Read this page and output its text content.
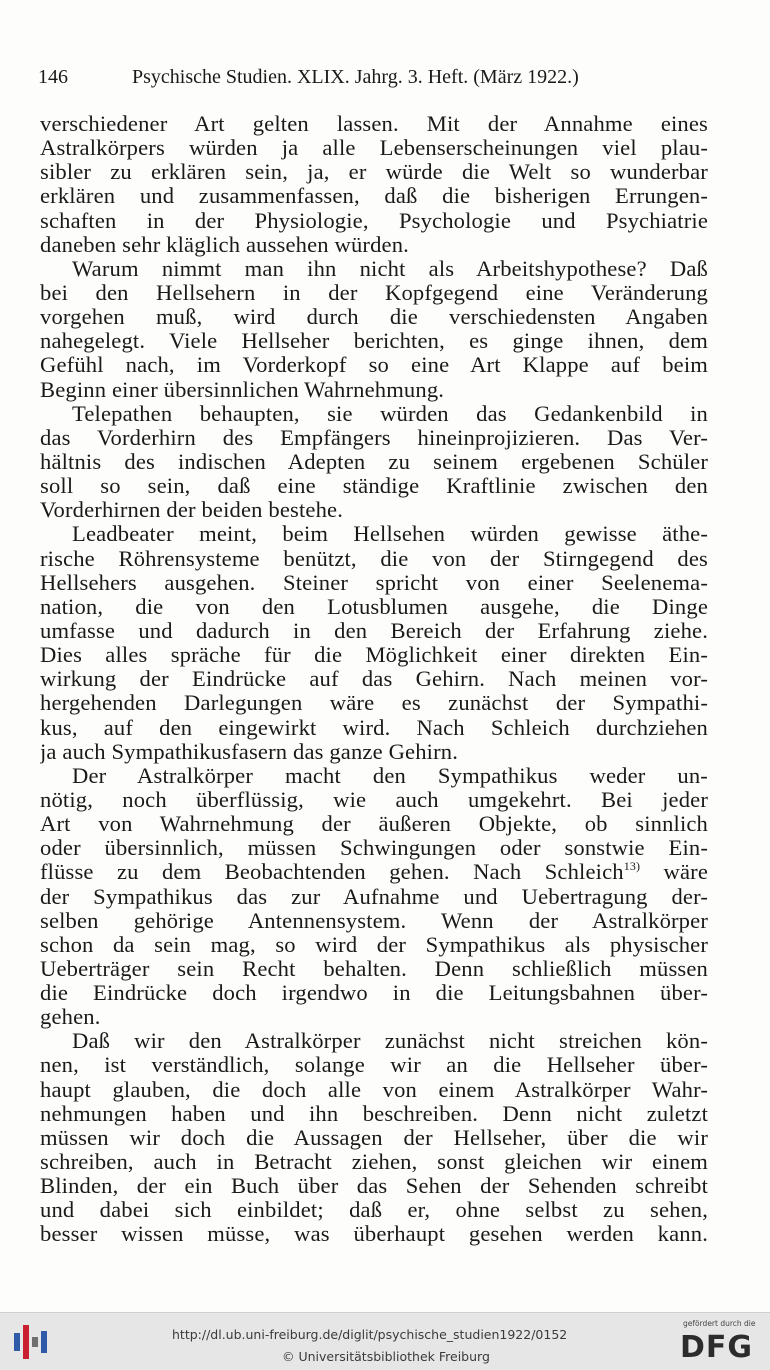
146	Psychische Studien. XLIX. Jahrg. 3. Heft. (März 1922.)
verschiedener Art gelten lassen. Mit der Annahme eines
Astralkörpers würden ja alle Lebenserscheinungen viel plau-
sibler zu erklären sein, ja, er würde die Welt so wunderbar
erklären und zusammenfassen, daß die bisherigen Errungen-
schaften in der Physiologie, Psychologie und Psychiatrie
daneben sehr kläglich aussehen würden.
Warum nimmt man ihn nicht als Arbeitshypothese? Daß
bei den Hellsehern in der Kopfgegend eine Veränderung
vorgehen muß, wird durch die verschiedensten Angaben
nahegelegt. Viele Hellseher berichten, es ginge ihnen, dem
Gefühl nach, im Vorderkopf so eine Art Klappe auf beim
Beginn einer übersinnlichen Wahrnehmung.
Telepathen behaupten, sie würden das Gedankenbild in
das Vorderhirn des Empfängers hineinprojizieren. Das Ver-
hältnis des indischen Adepten zu seinem ergebenen Schüler
soll so sein, daß eine ständige Kraftlinie zwischen den
Vorderhirnen der beiden bestehe.
Leadbeater meint, beim Hellsehen würden gewisse äthe-
rische Röhrensysteme benützt, die von der Stirngegend des
Hellsehers ausgehen. Steiner spricht von einer Seelenema-
nation, die von den Lotusblumen ausgehe, die Dinge
umfasse und dadurch in den Bereich der Erfahrung ziehe.
Dies alles spräche für die Möglichkeit einer direkten Ein-
wirkung der Eindrücke auf das Gehirn. Nach meinen vor-
hergehenden Darlegungen wäre es zunächst der Sympathi-
kus, auf den eingewirkt wird. Nach Schleich durchziehen
ja auch Sympathikusfasern das ganze Gehirn.
Der Astralkörper macht den Sympathikus weder un-
nötig, noch überflüssig, wie auch umgekehrt. Bei jeder
Art von Wahrnehmung der äußeren Objekte, ob sinnlich
oder übersinnlich, müssen Schwingungen oder sonstwie Ein-
flüsse zu dem Beobachtenden gehen. Nach Schleich$^{13)}$ wäre
der Sympathikus das zur Aufnahme und Uebertragung der-
selben gehörige Antennensystem. Wenn der Astralkörper
schon da sein mag, so wird der Sympathikus als physischer
Ueberträger sein Recht behalten. Denn schließlich müssen
die Eindrücke doch irgendwo in die Leitungsbahnen über-
gehen.
Daß wir den Astralkörper zunächst nicht streichen kön-
nen, ist verständlich, solange wir an die Hellseher über-
haupt glauben, die doch alle von einem Astralkörper Wahr-
nehmungen haben und ihn beschreiben. Denn nicht zuletzt
müssen wir doch die Aussagen der Hellseher, über die wir
schreiben, auch in Betracht ziehen, sonst gleichen wir einem
Blinden, der ein Buch über das Sehen der Sehenden schreibt
und dabei sich einbildet; daß er, ohne selbst zu sehen,
besser wissen müsse, was überhaupt gesehen werden kann.
http://dl.ub.uni-freiburg.de/diglit/psychische_studien1922/0152
© Universitätsbibliothek Freiburg
gefördert durch die
DFG
